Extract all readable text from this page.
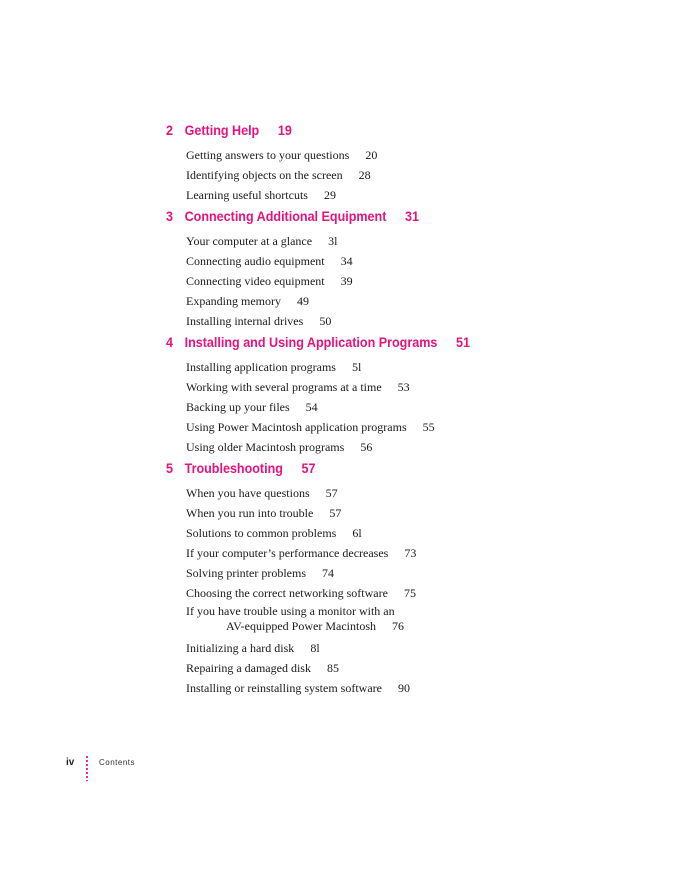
2 Getting Help 19
Getting answers to your questions 20
Identifying objects on the screen 28
Learning useful shortcuts 29
3 Connecting Additional Equipment 31
Your computer at a glance 3l
Connecting audio equipment 34
Connecting video equipment 39
Expanding memory 49
Installing internal drives 50
4 Installing and Using Application Programs 51
Installing application programs 5l
Working with several programs at a time 53
Backing up your files 54
Using Power Macintosh application programs 55
Using older Macintosh programs 56
5 Troubleshooting 57
When you have questions 57
When you run into trouble 57
Solutions to common problems 6l
If your computer’s performance decreases 73
Solving printer problems 74
Choosing the correct networking software 75
If you have trouble using a monitor with an
AV-equipped Power Macintosh 76
Initializing a hard disk 8l
Repairing a damaged disk 85
Installing or reinstalling system software 90
iv	Contents
